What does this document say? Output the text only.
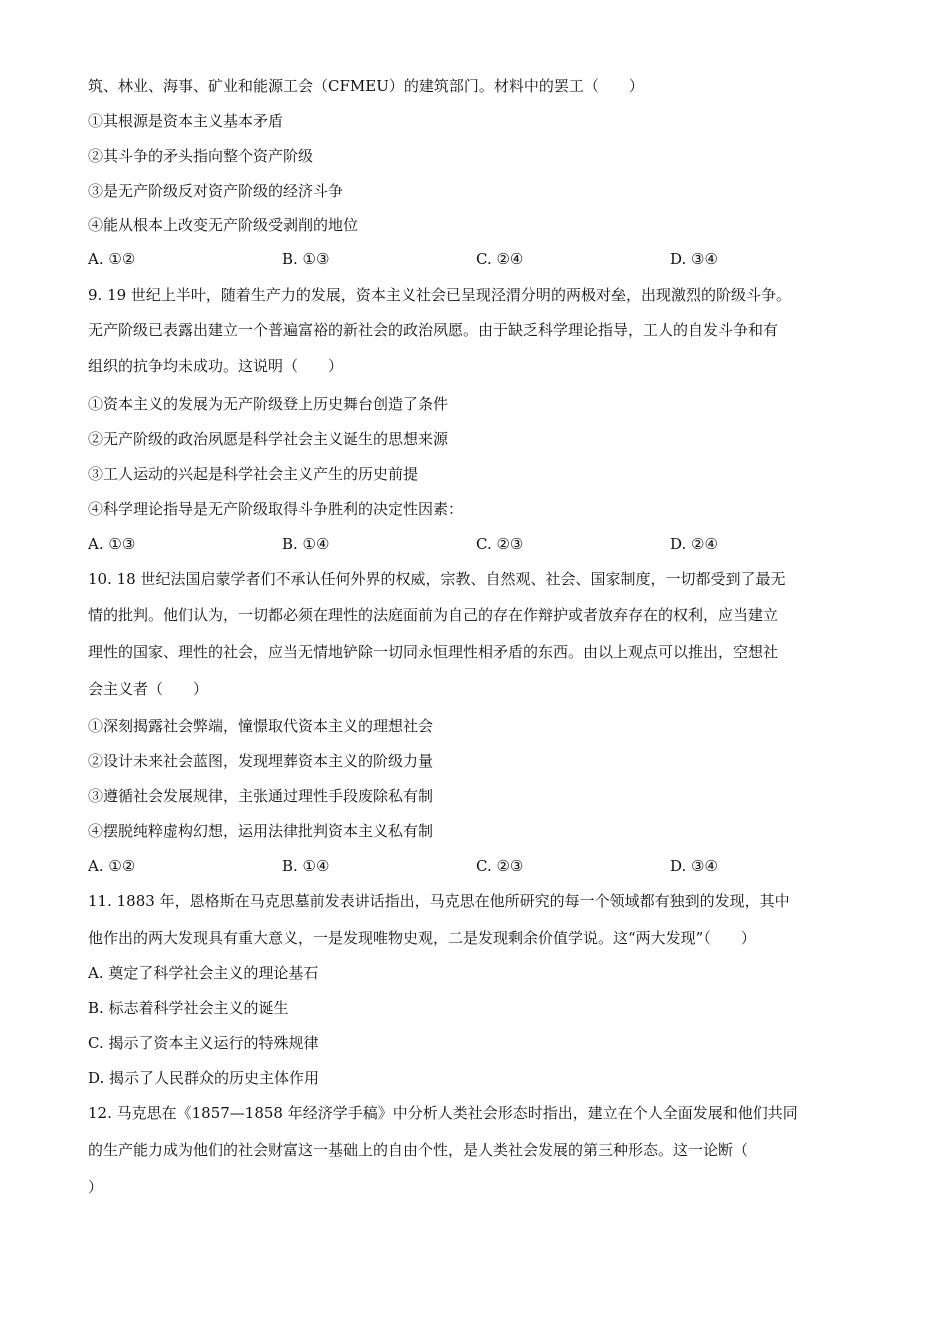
筑、林业、海事、矿业和能源工会（CFMEU）的建筑部门。材料中的罢工（　　）
①其根源是资本主义基本矛盾
②其斗争的矛头指向整个资产阶级
③是无产阶级反对资产阶级的经济斗争
④能从根本上改变无产阶级受剥削的地位
A. ①②	B. ①③	C. ②④	D. ③④
9. 19 世纪上半叶，随着生产力的发展，资本主义社会已呈现泾渭分明的两极对垒，出现激烈的阶级斗争。
无产阶级已表露出建立一个普遍富裕的新社会的政治夙愿。由于缺乏科学理论指导，工人的自发斗争和有
组织的抗争均未成功。这说明（　　）
①资本主义的发展为无产阶级登上历史舞台创造了条件
②无产阶级的政治夙愿是科学社会主义诞生的思想来源
③工人运动的兴起是科学社会主义产生的历史前提
④科学理论指导是无产阶级取得斗争胜利的决定性因素：
A. ①③	B. ①④	C. ②③	D. ②④
10. 18 世纪法国启蒙学者们不承认任何外界的权威，宗教、自然观、社会、国家制度，一切都受到了最无
情的批判。他们认为，一切都必须在理性的法庭面前为自己的存在作辩护或者放弃存在的权利，应当建立
理性的国家、理性的社会，应当无情地铲除一切同永恒理性相矛盾的东西。由以上观点可以推出，空想社
会主义者（　　）
①深刻揭露社会弊端，憧憬取代资本主义的理想社会
②设计未来社会蓝图，发现埋葬资本主义的阶级力量
③遵循社会发展规律，主张通过理性手段废除私有制
④摆脱纯粹虚构幻想，运用法律批判资本主义私有制
A. ①②	B. ①④	C. ②③	D. ③④
11. 1883 年，恩格斯在马克思墓前发表讲话指出，马克思在他所研究的每一个领域都有独到的发现，其中
他作出的两大发现具有重大意义，一是发现唯物史观，二是发现剩余价值学说。这“两大发现”（　　）
A. 奠定了科学社会主义的理论基石
B. 标志着科学社会主义的诞生
C. 揭示了资本主义运行的特殊规律
D. 揭示了人民群众的历史主体作用
12. 马克思在《1857—1858 年经济学手稿》中分析人类社会形态时指出，建立在个人全面发展和他们共同
的生产能力成为他们的社会财富这一基础上的自由个性，是人类社会发展的第三种形态。这一论断（
）
